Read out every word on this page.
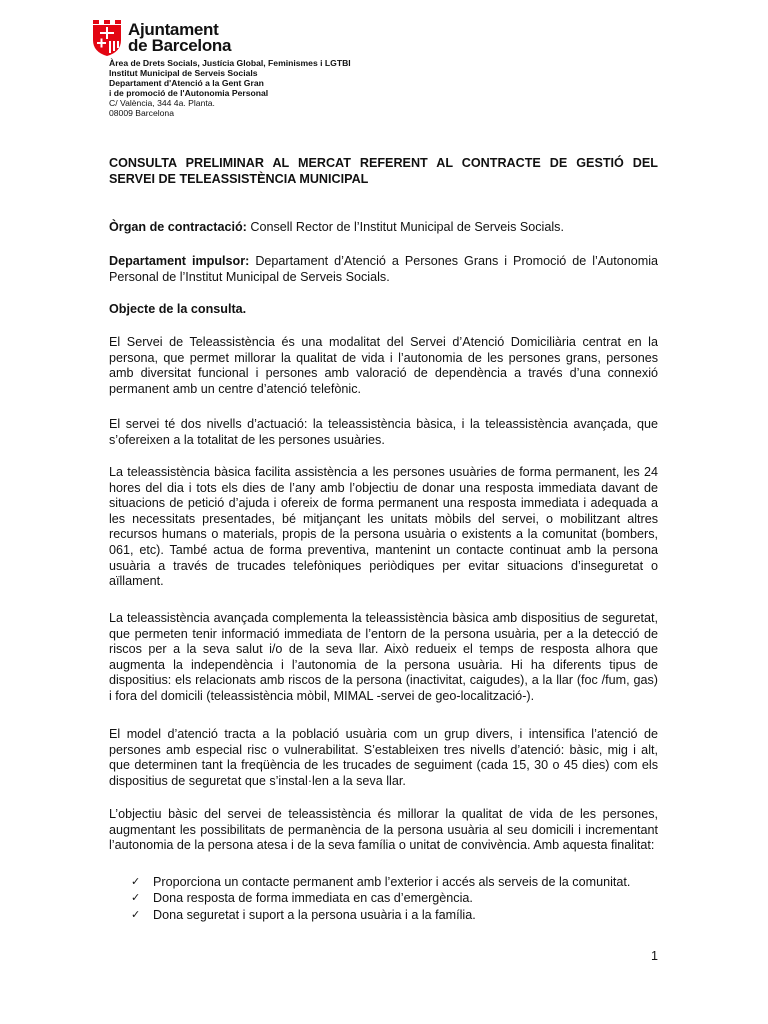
Ajuntament
de Barcelona
Àrea de Drets Socials, Justícia Global, Feminismes i LGTBI
Institut Municipal de Serveis Socials
Departament d'Atenció a la Gent Gran
i de promoció de l'Autonomia Personal
C/ València, 344 4a. Planta.
08009 Barcelona
CONSULTA PRELIMINAR AL MERCAT REFERENT AL CONTRACTE DE GESTIÓ DEL SERVEI DE TELEASSISTÈNCIA MUNICIPAL
Òrgan de contractació: Consell Rector de l’Institut Municipal de Serveis Socials.
Departament impulsor: Departament d’Atenció a Persones Grans i Promoció de l’Autonomia Personal de l’Institut Municipal de Serveis Socials.
Objecte de la consulta.
El Servei de Teleassistència és una modalitat del Servei d’Atenció Domiciliària centrat en la persona, que permet millorar la qualitat de vida i l’autonomia de les persones grans, persones amb diversitat funcional i persones amb valoració de dependència a través d’una connexió permanent amb un centre d’atenció telefònic.
El servei té dos nivells d’actuació: la teleassistència bàsica, i la teleassistència avançada, que s’ofereixen a la totalitat de les persones usuàries.
La teleassistència bàsica facilita assistència a les persones usuàries de forma permanent, les 24 hores del dia i tots els dies de l’any amb l’objectiu de donar una resposta immediata davant de situacions de petició d’ajuda i ofereix de forma permanent una resposta immediata i adequada a les necessitats presentades, bé mitjançant les unitats mòbils del servei, o mobilitzant altres recursos humans o materials, propis de la persona usuària o existents a la comunitat (bombers, 061, etc). També actua de forma preventiva, mantenint un contacte continuat amb la persona usuària a través de trucades telefòniques periòdiques per evitar situacions d’inseguretat o aïllament.
La teleassistència avançada complementa la teleassistència bàsica amb dispositius de seguretat, que permeten tenir informació immediata de l’entorn de la persona usuària, per a la detecció de riscos per a la seva salut i/o de la seva llar. Això redueix el temps de resposta alhora que augmenta la independència i l’autonomia de la persona usuària. Hi ha diferents tipus de dispositius: els relacionats amb riscos de la persona (inactivitat, caigudes), a la llar (foc /fum, gas) i fora del domicili (teleassistència mòbil, MIMAL -servei de geo-localització-).
El model d’atenció tracta a la població usuària com un grup divers, i intensifica l’atenció de persones amb especial risc o vulnerabilitat. S’estableixen tres nivells d’atenció: bàsic, mig i alt, que determinen tant la freqüència de les trucades de seguiment (cada 15, 30 o 45 dies) com els dispositius de seguretat que s’instal·len a la seva llar.
L’objectiu bàsic del servei de teleassistència és millorar la qualitat de vida de les persones, augmentant les possibilitats de permanència de la persona usuària al seu domicili i incrementant l’autonomia de la persona atesa i de la seva família o unitat de convivència. Amb aquesta finalitat:
✓	Proporciona un contacte permanent amb l’exterior i accés als serveis de la comunitat.
✓	Dona resposta de forma immediata en cas d’emergència.
✓	Dona seguretat i suport a la persona usuària i a la família.
1
